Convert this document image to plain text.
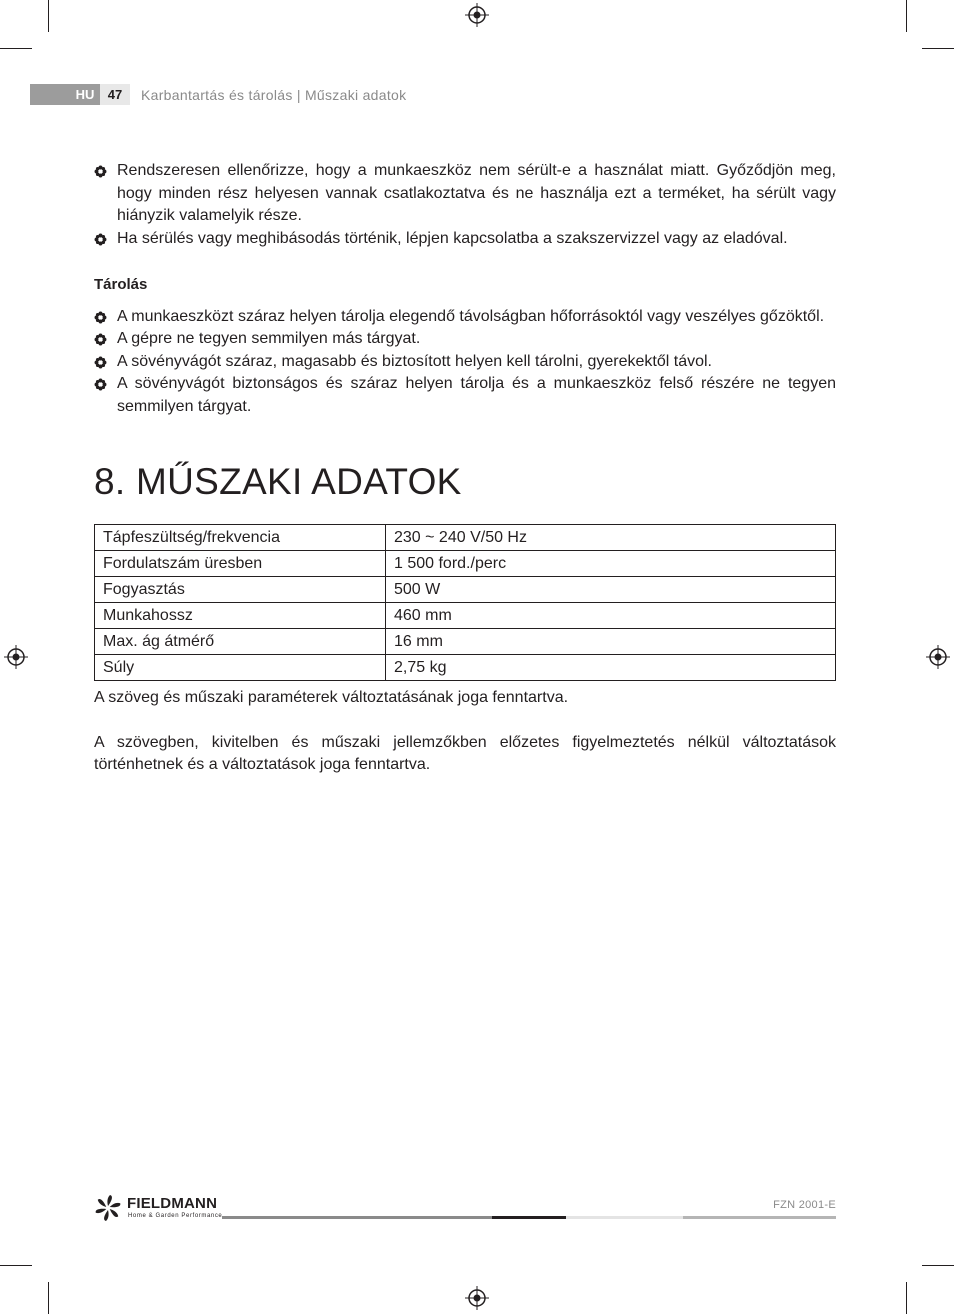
HU	47	Karbantartás és tárolás | Műszaki adatok
Rendszeresen ellenőrizze, hogy a munkaeszköz nem sérült-e a használat miatt. Győződjön meg, hogy minden rész helyesen vannak csatlakoztatva és ne használja ezt a terméket, ha sérült vagy hiányzik valamelyik része.
Ha sérülés vagy meghibásodás történik, lépjen kapcsolatba a szakszervizzel vagy az eladóval.
Tárolás
A munkaeszközt száraz helyen tárolja elegendő távolságban hőforrásoktól vagy veszélyes gőzöktől.
A gépre ne tegyen semmilyen más tárgyat.
A sövényvágót száraz, magasabb és biztosított helyen kell tárolni, gyerekektől távol.
A sövényvágót biztonságos és száraz helyen tárolja és a munkaeszköz felső részére ne tegyen semmilyen tárgyat.
8. MŰSZAKI ADATOK
Tápfeszültség/frekvencia	230 ~ 240 V/50 Hz
Fordulatszám üresben	1 500 ford./perc
Fogyasztás	500 W
Munkahossz	460 mm
Max. ág átmérő	16 mm
Súly	2,75 kg

A szöveg és műszaki paraméterek változtatásának joga fenntartva.

A szövegben, kivitelben és műszaki jellemzőkben előzetes figyelmeztetés nélkül változtatások történhetnek és a változtatások joga fenntartva.

FIELDMANN
Home & Garden Performance
FZN 2001-E
